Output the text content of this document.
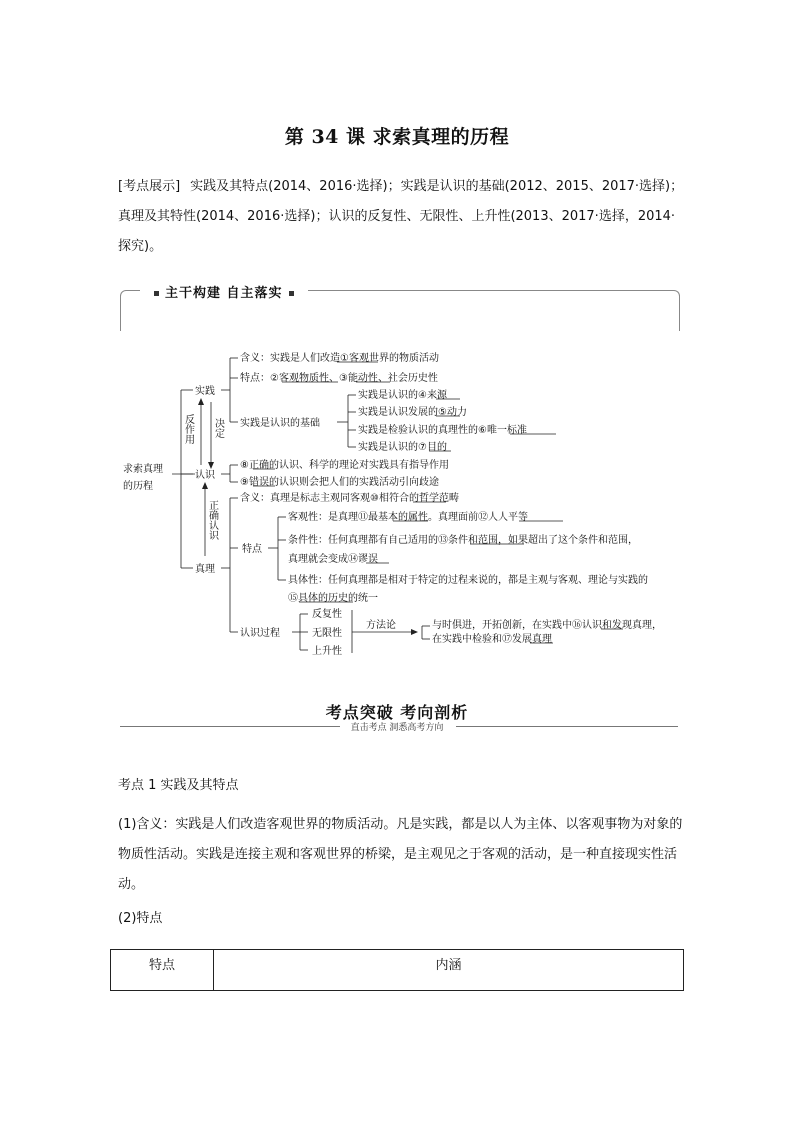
第 34 课 求索真理的历程
[考点展示] 实践及其特点(2014、2016·选择)；实践是认识的基础(2012、2015、2017·选择)；真理及其特性(2014、2016·选择)；认识的反复性、无限性、上升性(2013、2017·选择，2014·探究)。
主干构建 自主落实
求索真理
的历程
实践
认识
真理
反作用 决定
正确认识
含义：实践是人们改造①客观世界的物质活动
特点：②客观物质性、③能动性、社会历史性
实践是认识的基础
实践是认识的④来源
实践是认识发展的⑤动力
实践是检验认识的真理性的⑥唯一标准
实践是认识的⑦目的
⑧正确的认识、科学的理论对实践具有指导作用
⑨错误的认识则会把人们的实践活动引向歧途
含义：真理是标志主观同客观⑩相符合的哲学范畴
特点
客观性：是真理⑪最基本的属性。真理面前⑫人人平等
条件性：任何真理都有自己适用的⑬条件和范围，如果超出了这个条件和范围，
真理就会变成⑭谬误
具体性：任何真理都是相对于特定的过程来说的，都是主观与客观、理论与实践的
⑮具体的历史的统一
认识过程
反复性
无限性
上升性
方法论	与时俱进，开拓创新，在实践中⑯认识和发现真理，
在实践中检验和⑰发展真理
考点突破 考向剖析
直击考点 洞悉高考方向
考点 1 实践及其特点
(1)含义：实践是人们改造客观世界的物质活动。凡是实践，都是以人为主体、以客观事物为对象的物质性活动。实践是连接主观和客观世界的桥梁，是主观见之于客观的活动，是一种直接现实性活动。
(2)特点
特点	内涵
